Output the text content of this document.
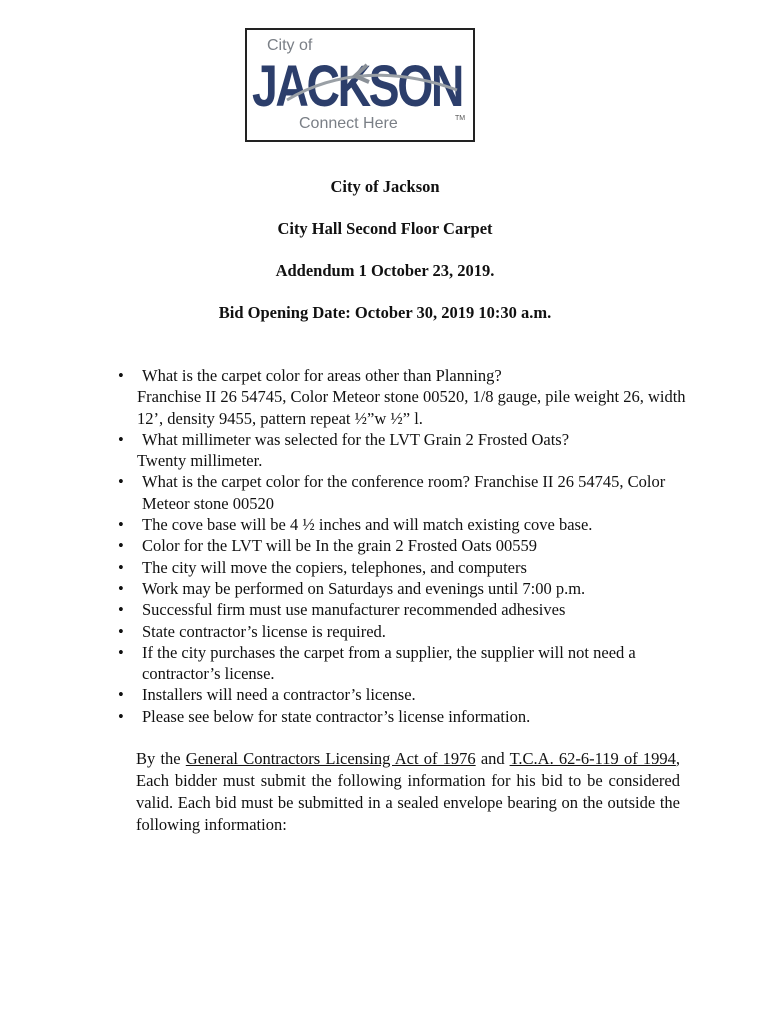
City of
JACKSON
TM
Connect Here
City of Jackson
City Hall Second Floor Carpet
Addendum 1 October 23, 2019.
Bid Opening Date: October 30, 2019 10:30 a.m.
• What is the carpet color for areas other than Planning?
Franchise II 26 54745, Color Meteor stone 00520, 1/8 gauge, pile weight 26, width 12’, density 9455, pattern repeat ½”w ½” l.
• What millimeter was selected for the LVT Grain 2 Frosted Oats?
Twenty millimeter.
• What is the carpet color for the conference room? Franchise II 26 54745, Color Meteor stone 00520
• The cove base will be 4 ½ inches and will match existing cove base.
• Color for the LVT will be In the grain 2 Frosted Oats 00559
• The city will move the copiers, telephones, and computers
• Work may be performed on Saturdays and evenings until 7:00 p.m.
• Successful firm must use manufacturer recommended adhesives
• State contractor’s license is required.
• If the city purchases the carpet from a supplier, the supplier will not need a contractor’s license.
• Installers will need a contractor’s license.
• Please see below for state contractor’s license information.
By the General Contractors Licensing Act of 1976 and T.C.A. 62-6-119 of 1994, Each bidder must submit the following information for his bid to be considered valid. Each bid must be submitted in a sealed envelope bearing on the outside the following information:
